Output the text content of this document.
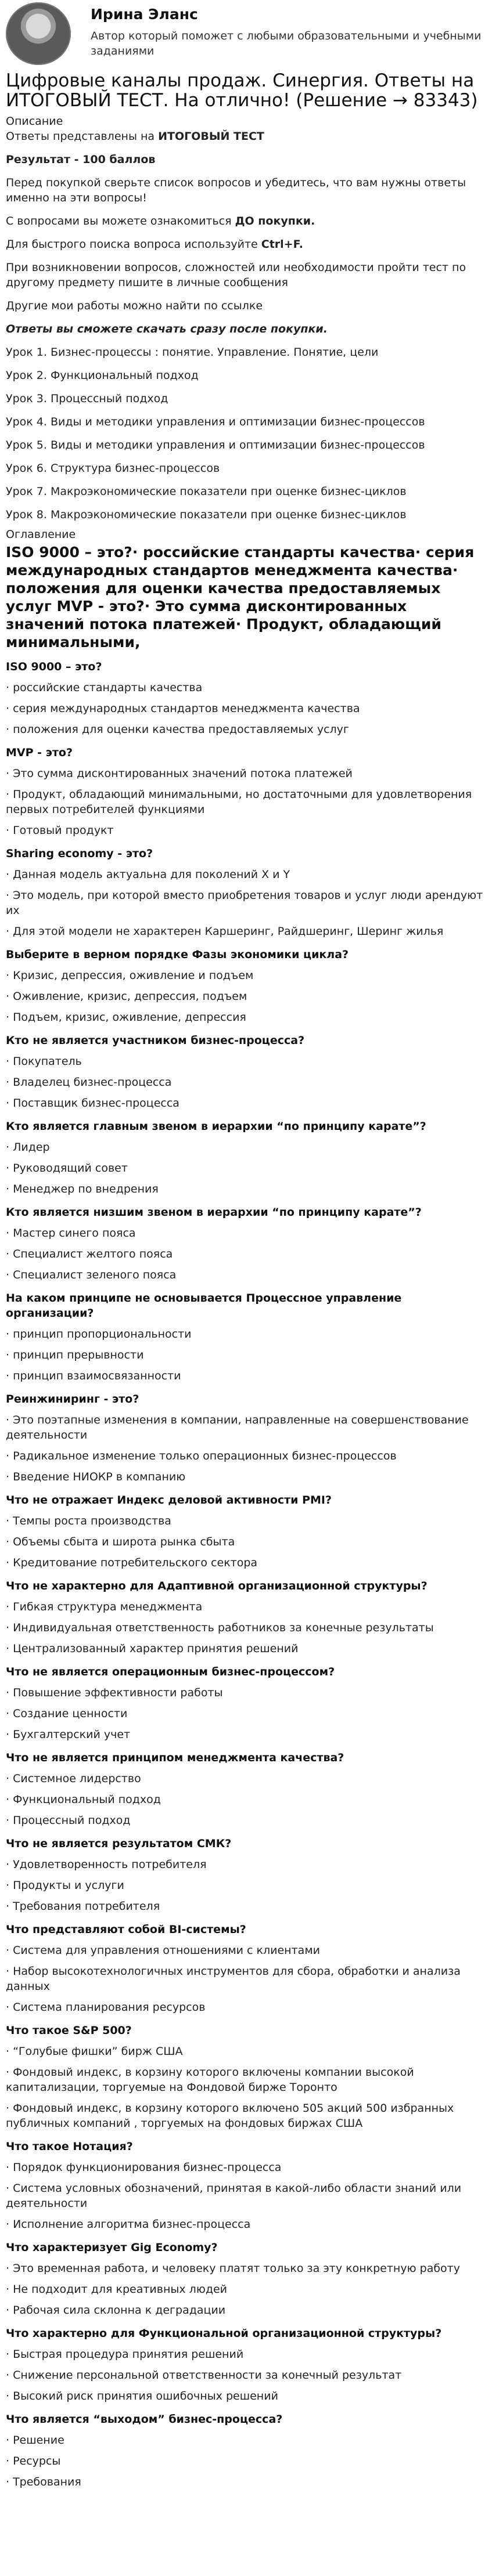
Ирина Эланс

Автор который поможет с любыми образовательными и учебными заданиями

Цифровые каналы продаж. Синергия. Ответы на ИТОГОВЫЙ ТЕСТ. На отлично! (Решение → 83343)
Описание
Ответы представлены на ИТОГОВЫЙ ТЕСТ

Результат - 100 баллов

Перед покупкой сверьте список вопросов и убедитесь, что вам нужны ответы именно на эти вопросы!

С вопросами вы можете ознакомиться ДО покупки.

Для быстрого поиска вопроса используйте Ctrl+F.

При возникновении вопросов, сложностей или необходимости пройти тест по другому предмету пишите в личные сообщения

Другие мои работы можно найти по ссылке

Ответы вы сможете скачать сразу после покупки.

Урок 1. Бизнес-процессы : понятие. Управление. Понятие, цели

Урок 2. Функциональный подход

Урок 3. Процессный подход

Урок 4. Виды и методики управления и оптимизации бизнес-процессов

Урок 5. Виды и методики управления и оптимизации бизнес-процессов

Урок 6. Структура бизнес-процессов

Урок 7. Макроэкономические показатели при оценке бизнес-циклов

Урок 8. Макроэкономические показатели при оценке бизнес-циклов

Оглавление

ISO 9000 – это?· российские стандарты качества· серия международных стандартов менеджмента качества· положения для оценки качества предоставляемых услуг MVP - это?· Это сумма дисконтированных значений потока платежей· Продукт, обладающий минимальными,

ISO 9000 – это?

· российские стандарты качества

· серия международных стандартов менеджмента качества

· положения для оценки качества предоставляемых услуг

MVP - это?

· Это сумма дисконтированных значений потока платежей

· Продукт, обладающий минимальными, но достаточными для удовлетворения первых потребителей функциями

· Готовый продукт

Sharing economy - это?

· Данная модель актуальна для поколений Х и Y

· Это модель, при которой вместо приобретения товаров и услуг люди арендуют их

· Для этой модели не характерен Каршеринг, Райдшеринг, Шеринг жилья

Выберите в верном порядке Фазы экономики цикла?

· Кризис, депрессия, оживление и подъем

· Оживление, кризис, депрессия, подъем

· Подъем, кризис, оживление, депрессия

Кто не является участником бизнес-процесса?

· Покупатель

· Владелец бизнес-процесса

· Поставщик бизнес-процесса

Кто является главным звеном в иерархии “по принципу карате”?

· Лидер

· Руководящий совет

· Менеджер по внедрения

Кто является низшим звеном в иерархии “по принципу карате”?

· Мастер синего пояса

· Специалист желтого пояса

· Специалист зеленого пояса

На каком принципе не основывается Процессное управление организации?

· принцип пропорциональности

· принцип прерывности

· принцип взаимосвязанности

Реинжиниринг - это?

· Это поэтапные изменения в компании, направленные на совершенствование деятельности

· Радикальное изменение только операционных бизнес-процессов

· Введение НИОКР в компанию

Что не отражает Индекс деловой активности PMI?

· Темпы роста производства

· Объемы сбыта и широта рынка сбыта

· Кредитование потребительского сектора

Что не характерно для Адаптивной организационной структуры?

· Гибкая структура менеджмента

· Индивидуальная ответственность работников за конечные результаты

· Централизованный характер принятия решений

Что не является операционным бизнес-процессом?

· Повышение эффективности работы

· Создание ценности

· Бухгалтерский учет

Что не является принципом менеджмента качества?

· Системное лидерство

· Функциональный подход

· Процессный подход

Что не является результатом СМК?

· Удовлетворенность потребителя

· Продукты и услуги

· Требования потребителя

Что представляют собой BI-системы?

· Система для управления отношениями с клиентами

· Набор высокотехнологичных инструментов для сбора, обработки и анализа данных

· Система планирования ресурсов

Что такое S&P 500?

· “Голубые фишки” бирж США

· Фондовый индекс, в корзину которого включены компании высокой капитализации, торгуемые на Фондовой бирже Торонто

· Фондовый индекс, в корзину которого включено 505 акций 500 избранных публичных компаний , торгуемых на фондовых биржах США

Что такое Нотация?

· Порядок функционирования бизнес-процесса

· Система условных обозначений, принятая в какой-либо области знаний или деятельности

· Исполнение алгоритма бизнес-процесса

Что характеризует Gig Economy?

· Это временная работа, и человеку платят только за эту конкретную работу

· Не подходит для креативных людей

· Рабочая сила склонна к деградации

Что характерно для Функциональной организационной структуры?

· Быстрая процедура принятия решений

· Снижение персональной ответственности за конечный результат

· Высокий риск принятия ошибочных решений

Что является “выходом” бизнес-процесса?

· Решение

· Ресурсы

· Требования
